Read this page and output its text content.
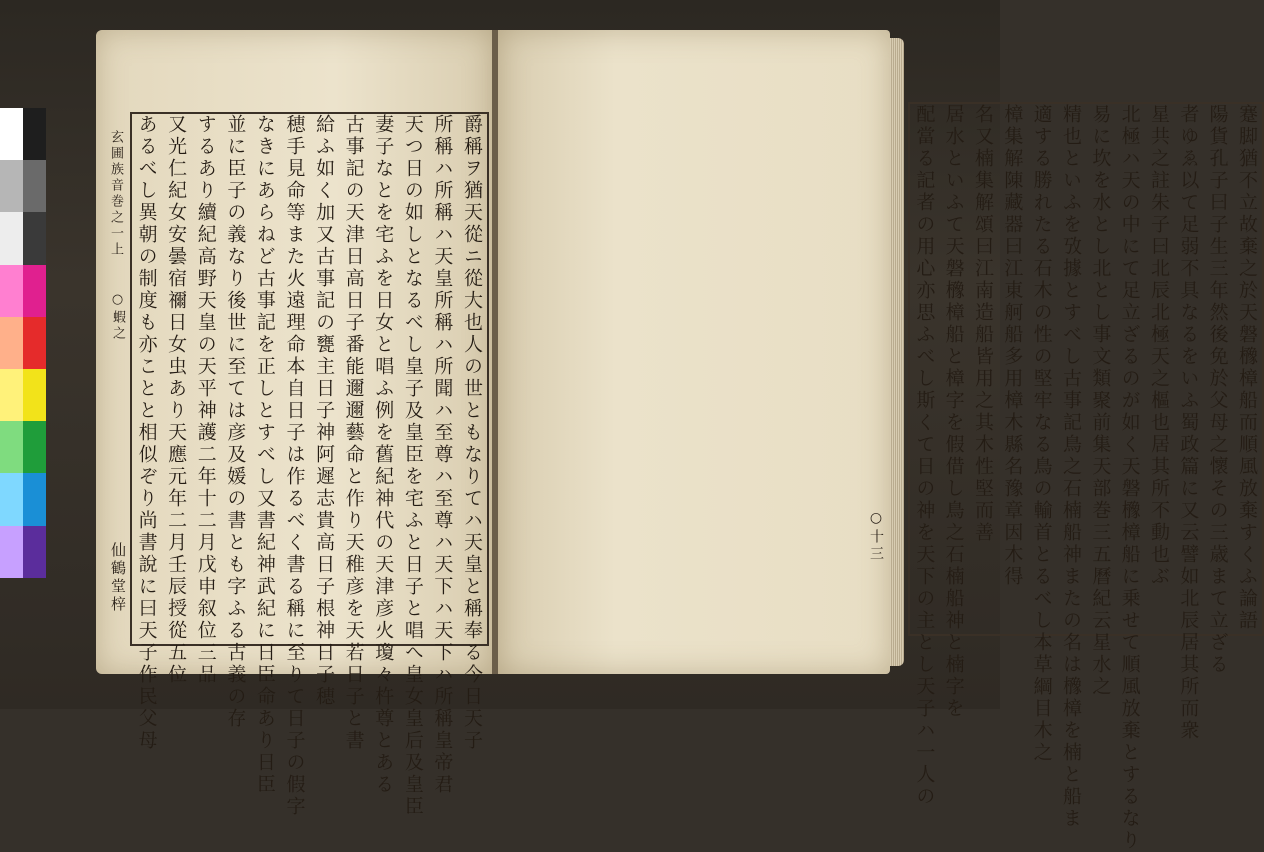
爵稱ヲ猶天從ニ從大也人の世ともなりてハ天皇と稱奉る今日天子
所稱ハ所稱ハ天皇所稱ハ所聞ハ至尊ハ至尊ハ天下ハ天下ハ所稱皇帝君
天つ日の如しとなるべし皇子及皇臣を宅ふと日子と唱へ皇女皇后及皇臣
妻子なとを宅ふを日女と唱ふ例を舊紀神代の天津彦火瓊々杵尊とある
古事記の天津日高日子番能邇邇藝命と作り天稚彦を天若日子と書
給ふ如く加又古事記の甕主日子神阿遲志貴高日子根神日子穂
穂手見命等また火遠理命本自日子は作るべく書る稱に至りて日子の假字
なきにあらねど古事記を正しとすべし又書紀神武紀に日臣命あり日臣
並に臣子の義なり後世に至ては彦及媛の書とも字ふる古義の存
するあり續紀高野天皇の天平神護二年十二月戊申叙位三品
又光仁紀女安曇宿禰日女虫あり天應元年二月壬辰授從五位
あるべし異朝の制度も亦ことと相似ぞり尚書說に曰天子作民父母
玄圃族音巻之一上
○蝦之
仙鶴堂梓	蹇脚猶不立故棄之於天磐櫲樟船而順風放棄すくふ論語
陽貨孔子曰子生三年然後免於父母之懷その三歳まて立ざる
者ゆゑ以て足弱不具なるをいふ蜀政篇に又云譬如北辰居其所而衆
星共之註朱子曰北辰北極天之樞也居其所不動也ぶ
北極ハ天の中にて足立ざるのが如く天磐櫲樟船に乗せて順風放棄とするなり
易に坎を水とし北とし事文類聚前集天部巻三五曆紀云星水之
精也といふを攷據とすべし古事記鳥之石楠船神またの名は櫲樟を楠と船ま
適する勝れたる石木の性の堅牢なる鳥の輸首とるべし本草綱目木之
樟集解陳藏器曰江東舸船多用樟木縣名豫章因木得
名又楠集解頌曰江南造船皆用之其木性堅而善
居水といふて天磐櫲樟船と樟字を假借し鳥之石楠船神と楠字を
配當る記者の用心亦思ふべし斯くて日の神を天下の主とし天子ハ一人の
○十三
